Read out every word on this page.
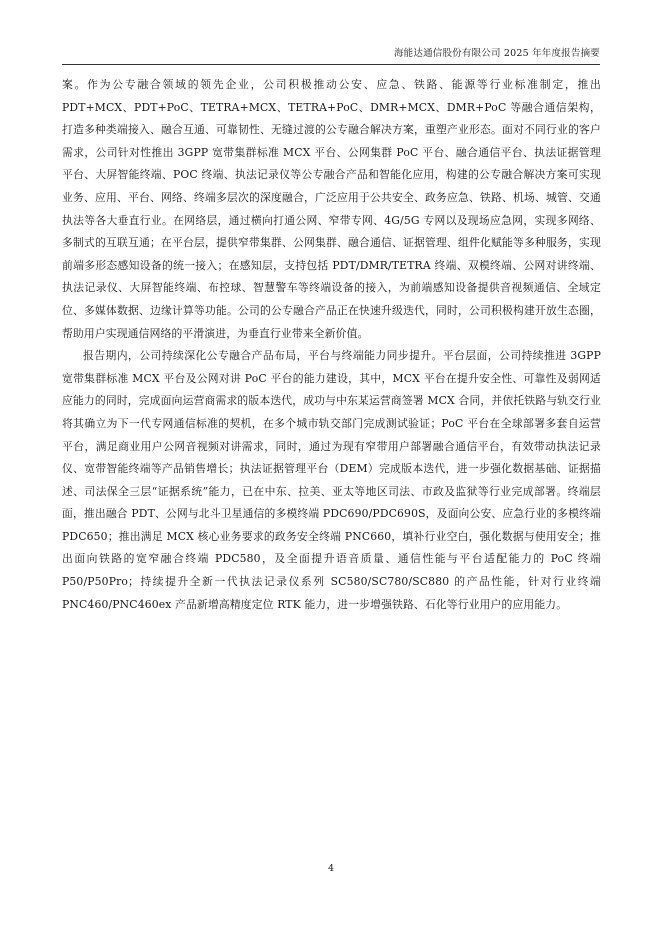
海能达通信股份有限公司 2025 年年度报告摘要

案。作为公专融合领域的领先企业，公司积极推动公安、应急、铁路、能源等行业标准制定，推出PDT+MCX、PDT+PoC、TETRA+MCX、TETRA+PoC、DMR+MCX、DMR+PoC 等融合通信架构，打造多种类端接入、融合互通、可靠韧性、无缝过渡的公专融合解决方案，重塑产业形态。面对不同行业的客户需求，公司针对性推出 3GPP 宽带集群标准 MCX 平台、公网集群 PoC 平台、融合通信平台、执法证据管理平台、大屏智能终端、POC 终端、执法记录仪等公专融合产品和智能化应用，构建的公专融合解决方案可实现业务、应用、平台、网络、终端多层次的深度融合，广泛应用于公共安全、政务应急、铁路、机场、城管、交通执法等各大垂直行业。在网络层，通过横向打通公网、窄带专网、4G/5G 专网以及现场应急网，实现多网络、多制式的互联互通；在平台层，提供窄带集群、公网集群、融合通信、证据管理、组件化赋能等多种服务，实现前端多形态感知设备的统一接入；在感知层，支持包括 PDT/DMR/TETRA 终端、双模终端、公网对讲终端、执法记录仪、大屏智能终端、布控球、智慧警车等终端设备的接入，为前端感知设备提供音视频通信、全域定位、多媒体数据、边缘计算等功能。公司的公专融合产品正在快速升级迭代，同时，公司积极构建开放生态圈，帮助用户实现通信网络的平滑演进，为垂直行业带来全新价值。

报告期内，公司持续深化公专融合产品布局，平台与终端能力同步提升。平台层面，公司持续推进 3GPP 宽带集群标准 MCX 平台及公网对讲 PoC 平台的能力建设，其中，MCX 平台在提升安全性、可靠性及弱网适应能力的同时，完成面向运营商需求的版本迭代，成功与中东某运营商签署 MCX 合同，并依托铁路与轨交行业将其确立为下一代专网通信标准的契机，在多个城市轨交部门完成测试验证；PoC 平台在全球部署多套自运营平台，满足商业用户公网音视频对讲需求，同时，通过为现有窄带用户部署融合通信平台，有效带动执法记录仪、宽带智能终端等产品销售增长；执法证据管理平台（DEM）完成版本迭代，进一步强化数据基础、证据描述、司法保全三层“证据系统”能力，已在中东、拉美、亚太等地区司法、市政及监狱等行业完成部署。终端层面，推出融合 PDT、公网与北斗卫星通信的多模终端 PDC690/PDC690S，及面向公安、应急行业的多模终端 PDC650；推出满足 MCX 核心业务要求的政务安全终端 PNC660，填补行业空白，强化数据与使用安全；推出面向铁路的宽窄融合终端 PDC580，及全面提升语音质量、通信性能与平台适配能力的 PoC 终端 P50/P50Pro；持续提升全新一代执法记录仪系列 SC580/SC780/SC880 的产品性能，针对行业终端 PNC460/PNC460ex 产品新增高精度定位 RTK 能力，进一步增强铁路、石化等行业用户的应用能力。

4
